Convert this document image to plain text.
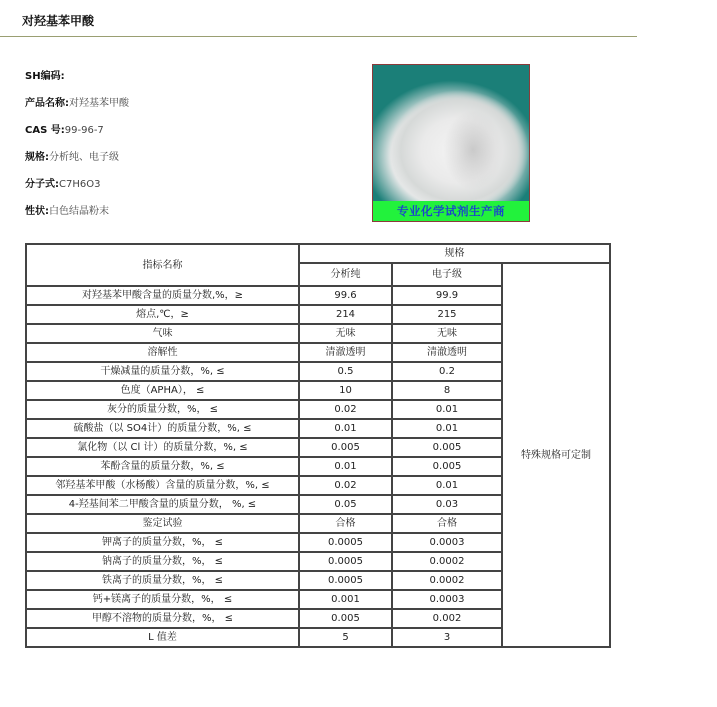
对羟基苯甲酸
SH编码:
产品名称:对羟基苯甲酸
CAS 号:99-96-7
规格:分析纯、电子级
分子式:C7H6O3
性状:白色结晶粉末	专业化学试剂生产商
指标名称	规格		
	分析纯	电子级	特殊规格可定制
对羟基苯甲酸含量的质量分数,%，≥	99.6	99.9	
熔点,℃，≥	214	215	
气味	无味	无味	
溶解性	清澈透明	清澈透明	
干燥减量的质量分数，%, ≤	0.5	0.2	
色度（APHA）， ≤	10	8	
灰分的质量分数，%， ≤	0.02	0.01	
硫酸盐（以 SO4计）的质量分数，%, ≤	0.01	0.01	
氯化物（以 Cl 计）的质量分数，%, ≤	0.005	0.005	
苯酚含量的质量分数，%, ≤	0.01	0.005	
邻羟基苯甲酸（水杨酸）含量的质量分数，%, ≤	0.02	0.01	
4-羟基间苯二甲酸含量的质量分数， %, ≤	0.05	0.03	
鉴定试验	合格	合格	
钾离子的质量分数，%， ≤	0.0005	0.0003	
钠离子的质量分数，%， ≤	0.0005	0.0002	
铁离子的质量分数，%， ≤	0.0005	0.0002	
钙+镁离子的质量分数，%， ≤	0.001	0.0003	
甲醇不溶物的质量分数，%， ≤	0.005	0.002	
L 值差	5	3	
